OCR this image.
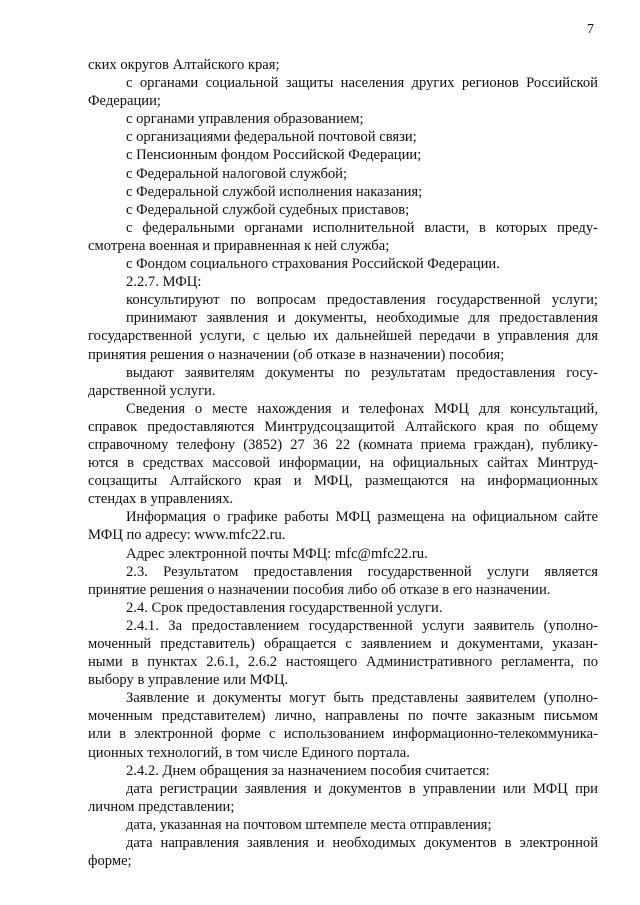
7
ских округов Алтайского края;
с органами социальной защиты населения других регионов Российской
Федерации;
с органами управления образованием;
с организациями федеральной почтовой связи;
с Пенсионным фондом Российской Федерации;
с Федеральной налоговой службой;
с Федеральной службой исполнения наказания;
с Федеральной службой судебных приставов;
с федеральными органами исполнительной власти, в которых преду-
смотрена военная и приравненная к ней служба;
с Фондом социального страхования Российской Федерации.
2.2.7. МФЦ:
консультируют по вопросам предоставления государственной услуги;
принимают заявления и документы, необходимые для предоставления
государственной услуги, с целью их дальнейшей передачи в управления для
принятия решения о назначении (об отказе в назначении) пособия;
выдают заявителям документы по результатам предоставления госу-
дарственной услуги.
Сведения о месте нахождения и телефонах МФЦ для консультаций,
справок предоставляются Минтрудсоцзащитой Алтайского края по общему
справочному телефону (3852) 27 36 22 (комната приема граждан), публику-
ются в средствах массовой информации, на официальных сайтах Минтруд-
соцзащиты Алтайского края и МФЦ, размещаются на информационных
стендах в управлениях.
Информация о графике работы МФЦ размещена на официальном сайте
МФЦ по адресу: www.mfc22.ru.
Адрес электронной почты МФЦ: mfc@mfc22.ru.
2.3. Результатом предоставления государственной услуги является
принятие решения о назначении пособия либо об отказе в его назначении.
2.4. Срок предоставления государственной услуги.
2.4.1. За предоставлением государственной услуги заявитель (уполно-
моченный представитель) обращается с заявлением и документами, указан-
ными в пунктах 2.6.1, 2.6.2 настоящего Административного регламента, по
выбору в управление или МФЦ.
Заявление и документы могут быть представлены заявителем (уполно-
моченным представителем) лично, направлены по почте заказным письмом
или в электронной форме с использованием информационно-телекоммуника-
ционных технологий, в том числе Единого портала.
2.4.2. Днем обращения за назначением пособия считается:
дата регистрации заявления и документов в управлении или МФЦ при
личном представлении;
дата, указанная на почтовом штемпеле места отправления;
дата направления заявления и необходимых документов в электронной
форме;
